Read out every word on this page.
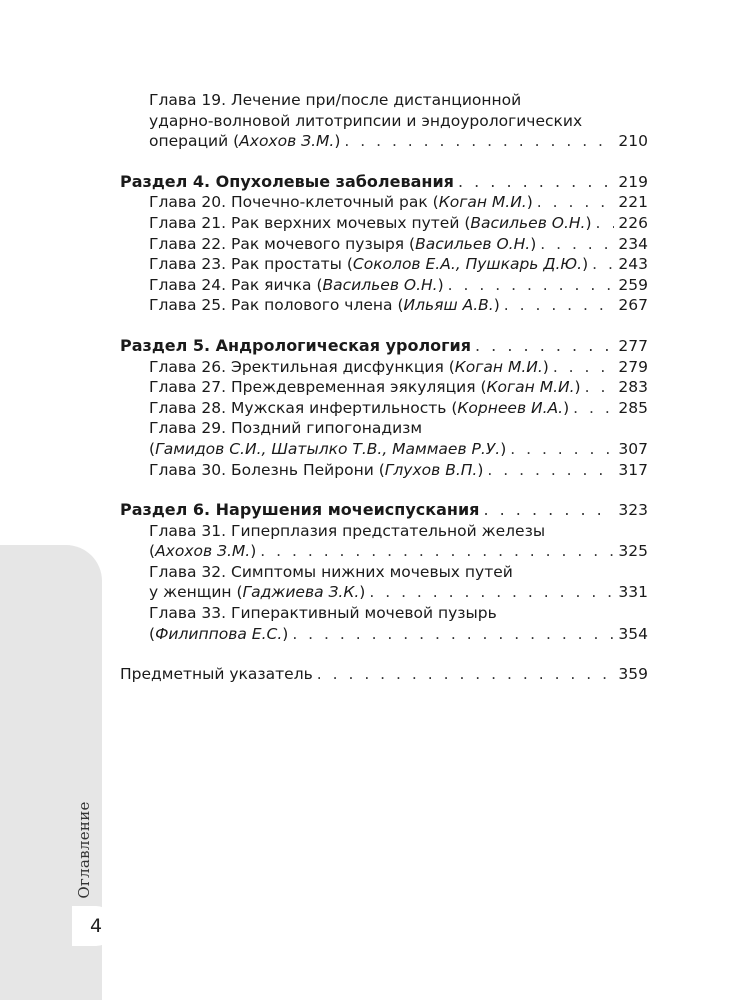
Оглавление
4
Глава 19. Лечение при/после дистанционной
ударно-волновой литотрипсии и эндоурологических
операций ( Ахохов З.М. ) . . .	210
Раздел 4. Опухолевые заболевания . . .	219
Глава 20. Почечно-клеточный рак ( Коган М.И. ) . . .	221
Глава 21. Рак верхних мочевых путей ( Васильев О.Н. ) . . . 226
Глава 22. Рак мочевого пузыря ( Васильев О.Н. ) . . .	234
Глава 23. Рак простаты ( Соколов Е.А., Пушкарь Д.Ю. ) . . . 243
Глава 24. Рак яичка ( Васильев О.Н. ) . . .	259
Глава 25. Рак полового члена ( Ильяш А.В. ) . . .	267
Раздел 5. Андрологическая урология . . .	277
Глава 26. Эректильная дисфункция ( Коган М.И. ) . . .	279
Глава 27. Преждевременная эякуляция ( Коган М.И. ) . . . 283
Глава 28. Мужская инфертильность ( Корнеев И.А. ) . . .	285
Глава 29. Поздний гипогонадизм
( Гамидов С.И., Шатылко Т.В., Маммаев Р.У. ) . . .	307
Глава 30. Болезнь Пейрони ( Глухов В.П. ) . . .	317
Раздел 6. Нарушения мочеиспускания . . .	323
Глава 31. Гиперплазия предстательной железы
( Ахохов З.М. ) . . .	325
Глава 32. Симптомы нижних мочевых путей
у женщин ( Гаджиева З.К. ) . . .	331
Глава 33. Гиперактивный мочевой пузырь
( Филиппова Е.С. ) . . .	354
Предметный указатель . . .	359
